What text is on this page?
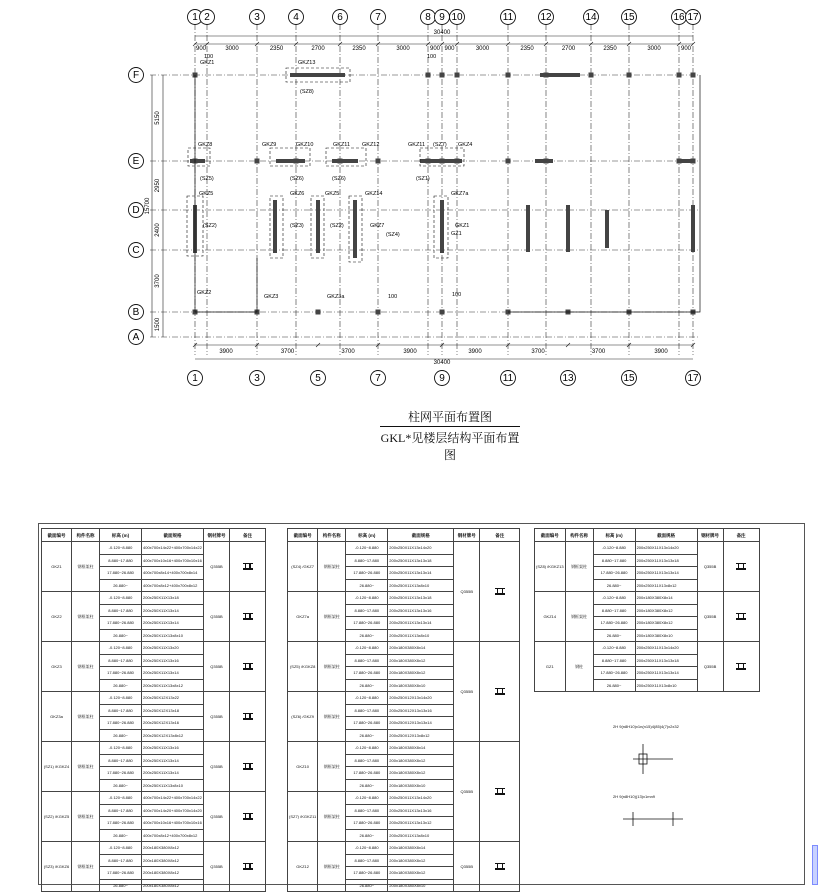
900	3000	2350	2700	2350	3000	900 900	3000	2350	2700	2350	3000	900
30400
3900	3700	3700	3900	3900	3700	3700	3900
30400
5150
2950
2400
3700
1500
15700
1 2	3	4	6	7	8 9 10	11	12	14	15	16 17
1	3	5	7	9	11	13	15	17
F
E
D
C
B
A
GKZ1	GKZ13
(SZ8)
GKZ8
(SZ5)
GKZ9	GKZ10
(SZ6)	(SZ6)
GKZ11 GKZ12	GKZ11 (SZ7) GKZ4
(SZ1)
GKZ5
(SZ2)
GKZ6
(SZ3)
GKZ5
(SZ2)
GKZ14
GKZ7
(SZ4)
GKZ7a
GKZ1
GZ1
GKZ2
GKZ3	GKZ3a	100	100
100	100
柱网平面布置图
GKL*见楼层结构平面布置图
截面编号	构件名称	标高 (m)	截面规格	钢材牌号	备注
GKZ1	钢框架柱	-0.120~8.880	400x700x14x22+400x700x14x22	Q355B	

		8.880~17.880	400x700x10x16+400x700x10x16		
		17.880~26.880	400x700x8x14+400x700x8x14		
		26.880~	400x700x8x12+400x700x8x12		
GKZ2	钢框架柱	-0.120~8.880	200x250X11X13x18	Q355B	

		8.880~17.880	200x250X11X13x14		
		17.880~26.880	200x250X11X13x14		
		26.880~	200x250X11X13x8x10		
GKZ3	钢框架柱	-0.120~8.880	200x250X11X13x20	Q355B	

		8.880~17.880	200x250X11X13x16		
		17.880~26.880	200x250X11X13x14		
		26.880~	200x250X11X13x8x12		
GKZ3a	钢框架柱	-0.120~8.880	200x250X12X13x22	Q355B	

		8.880~17.880	200x250X12X13x18		
		17.880~26.880	200x250X12X13x16		
		26.880~	200x250X12X13x8x12		
(SZ1) /KGKZ4	钢框架柱	-0.120~8.880	200x250X11X13x16	Q355B	

		8.880~17.880	200x250X11X13x14		
		17.880~26.880	200x250X11X13x14		
		26.880~	200x250X11X13x8x10		
(SZ2) /KGKZ5	钢框架柱	-0.120~8.880	400x700x14x22+400x700x14x22	Q355B	

		8.880~17.880	400x700x14x20+400x700x14x20		
		17.880~26.880	400x700x10x16+400x700x10x16		
		26.880~	400x700x8x12+400x700x8x12		
(SZ3) /KGKZ6	钢框架柱	-0.120~8.880	200x180X380X8x12	Q355B	

		8.880~17.880	200x180X380X8x12		
		17.880~26.880	200x180X380X8x12		
		26.880~	200x180X380X8x12		
截面编号	构件名称	标高 (m)	截面规格	钢材牌号	备注
(SZ4) /GKZ7	钢框架柱	-0.120~8.880	200x250X11X13x14x20	Q355B	

		8.880~17.880	200x250X11X13x13x18		
		17.880~26.880	200x250X11X13x13x14		
		26.880~	200x250X11X13x8x10		
GKZ7a	钢框架柱	-0.120~8.880	200x250X11X13x13x18		
		8.880~17.880	200x250X11X13x13x16		
		17.880~26.880	200x250X11X13x13x14		
		26.880~	200x250X11X13x8x10		
(SZ5) /KGKZ8	钢框架柱	-0.120~8.880	200x180X380X8x14	Q355B	

		8.880~17.880	200x180X380X8x12		
		17.880~26.880	200x180X380X8x12		
		26.880~	200x180X380X8x10		
(SZ6) /GKZ9	钢框架柱	-0.120~8.880	200x250X12X13x14x20		
		8.880~17.880	200x250X12X13x13x16		
		17.880~26.880	200x250X12X13x13x14		
		26.880~	200x250X12X13x8x12		
GKZ10	钢框架柱	-0.120~8.880	200x180X380X8x14	Q355B	

		8.880~17.880	200x180X380X8x12		
		17.880~26.880	200x180X380X8x12		
		26.880~	200x180X380X8x10		
(SZ7) /KGKZ11	钢框架柱	-0.120~8.880	200x250X11X13x14x20		
		8.880~17.880	200x250X11X13x13x16		
		17.880~26.880	200x250X11X13x13x12		
		26.880~	200x250X11X13x8x10		
GKZ12	钢框架柱	-0.120~8.880	200x180X380X8x14	Q355B	

		8.880~17.880	200x180X380X8x12		
		17.880~26.880	200x180X380X8x12		
		26.880~	200x180X380X8x10		
截面编号	构件名称	标高 (m)	截面规格	钢材牌号	备注
(SZ8) /KGKZ13	钢框架柱	-0.120~8.880	200x250X11X13x14x20	Q355B	

		8.880~17.880	200x250X11X13x13x18		
		17.880~26.880	200x250X11X13x13x14		
		26.880~	200x250X11X13x8x12		
GKZ14	钢框架柱	-0.120~8.880	200x180X380X8x14	Q355B	

		8.880~17.880	200x180X380X8x12		
		17.880~26.880	200x180X380X8x12		
		26.880~	200x180X380X8x10		
GZ1	钢柱	-0.120~8.880	200x250X11X13x14x20	Q355B	

		8.880~17.880	200x250X11X13x13x18		
		17.880~26.880	200x250X11X13x13x14		
		26.880~	200x250X11X13x8x10		
2H 9(n8H10)x1n(n15)4(85)4(7)x2x32
2H 9(n8H10)(13)x1mn9
